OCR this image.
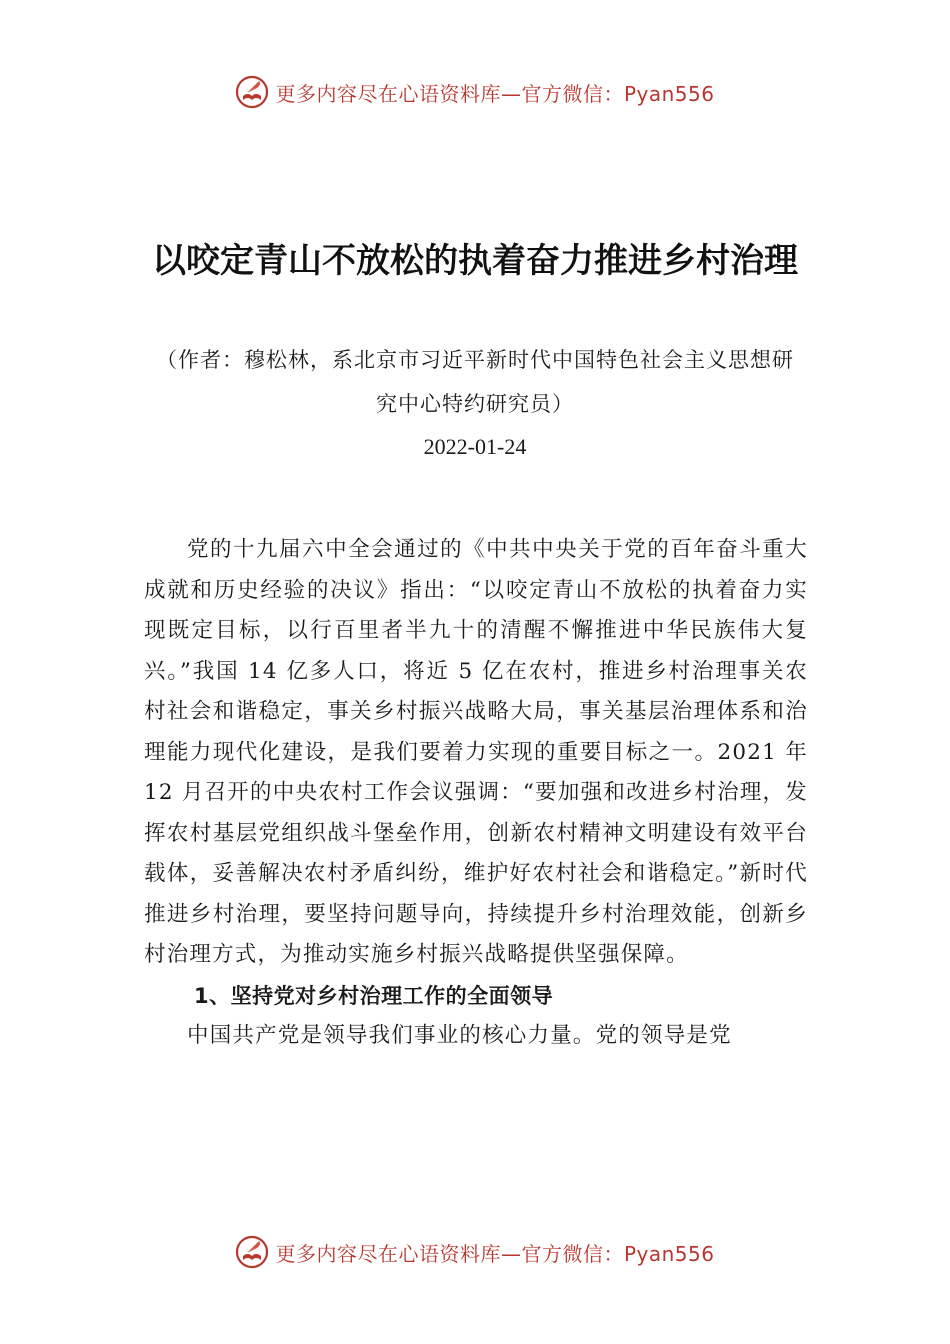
更多内容尽在心语资料库—官方微信：Pyan556
以咬定青山不放松的执着奋力推进乡村治理
（作者：穆松林，系北京市习近平新时代中国特色社会主义思想研究中心特约研究员）
2022-01-24

党的十九届六中全会通过的《中共中央关于党的百年奋斗重大成就和历史经验的决议》指出：“以咬定青山不放松的执着奋力实现既定目标，以行百里者半九十的清醒不懈推进中华民族伟大复兴。”我国 14 亿多人口，将近 5 亿在农村，推进乡村治理事关农村社会和谐稳定，事关乡村振兴战略大局，事关基层治理体系和治理能力现代化建设，是我们要着力实现的重要目标之一。2021 年 12 月召开的中央农村工作会议强调：“要加强和改进乡村治理，发挥农村基层党组织战斗堡垒作用，创新农村精神文明建设有效平台载体，妥善解决农村矛盾纠纷，维护好农村社会和谐稳定。”新时代推进乡村治理，要坚持问题导向，持续提升乡村治理效能，创新乡村治理方式，为推动实施乡村振兴战略提供坚强保障。

1、坚持党对乡村治理工作的全面领导

中国共产党是领导我们事业的核心力量。党的领导是党

更多内容尽在心语资料库—官方微信：Pyan556
